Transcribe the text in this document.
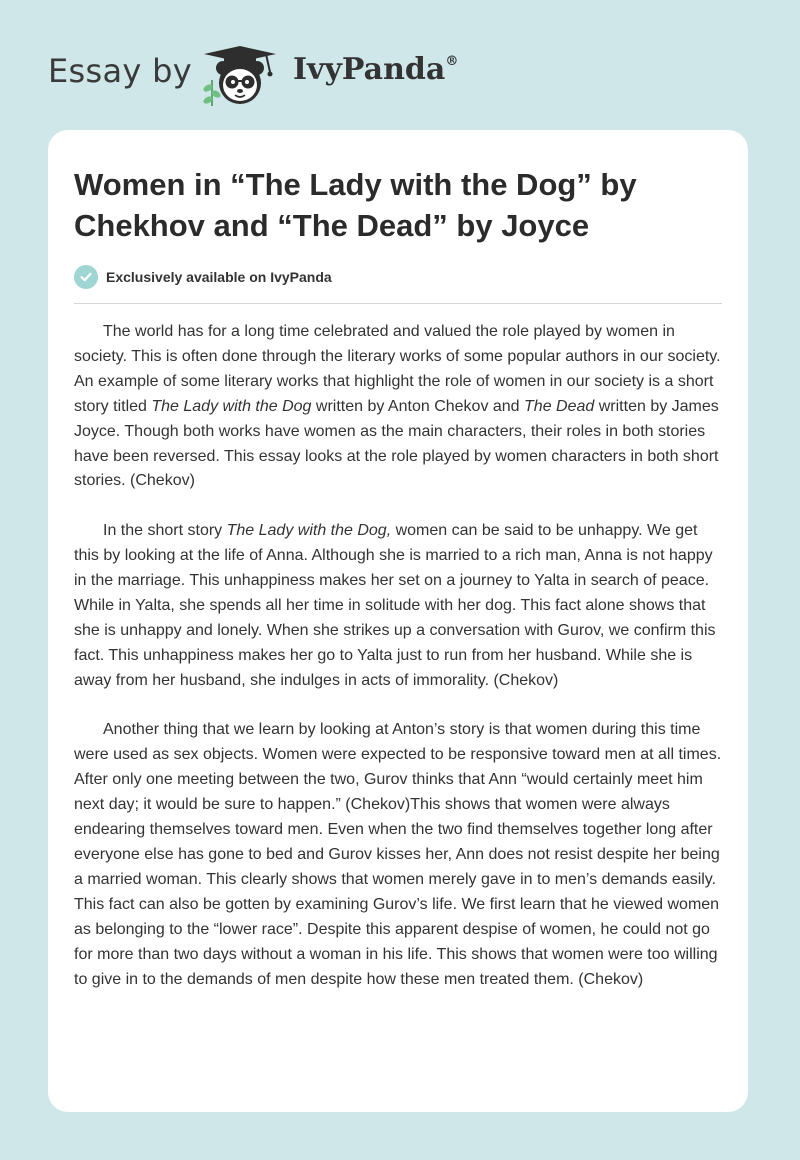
Essay by	IvyPanda®
Women in “The Lady with the Dog” by Chekhov and “The Dead” by Joyce
Exclusively available on IvyPanda

The world has for a long time celebrated and valued the role played by women in society. This is often done through the literary works of some popular authors in our society. An example of some literary works that highlight the role of women in our society is a short story titled The Lady with the Dog written by Anton Chekov and The Dead written by James Joyce. Though both works have women as the main characters, their roles in both stories have been reversed. This essay looks at the role played by women characters in both short stories. (Chekov)

In the short story The Lady with the Dog, women can be said to be unhappy. We get this by looking at the life of Anna. Although she is married to a rich man, Anna is not happy in the marriage. This unhappiness makes her set on a journey to Yalta in search of peace. While in Yalta, she spends all her time in solitude with her dog. This fact alone shows that she is unhappy and lonely. When she strikes up a conversation with Gurov, we confirm this fact. This unhappiness makes her go to Yalta just to run from her husband. While she is away from her husband, she indulges in acts of immorality. (Chekov)

Another thing that we learn by looking at Anton’s story is that women during this time were used as sex objects. Women were expected to be responsive toward men at all times. After only one meeting between the two, Gurov thinks that Ann “would certainly meet him next day; it would be sure to happen.” (Chekov)This shows that women were always endearing themselves toward men. Even when the two find themselves together long after everyone else has gone to bed and Gurov kisses her, Ann does not resist despite her being a married woman. This clearly shows that women merely gave in to men’s demands easily. This fact can also be gotten by examining Gurov’s life. We first learn that he viewed women as belonging to the “lower race”. Despite this apparent despise of women, he could not go for more than two days without a woman in his life. This shows that women were too willing to give in to the demands of men despite how these men treated them. (Chekov)
